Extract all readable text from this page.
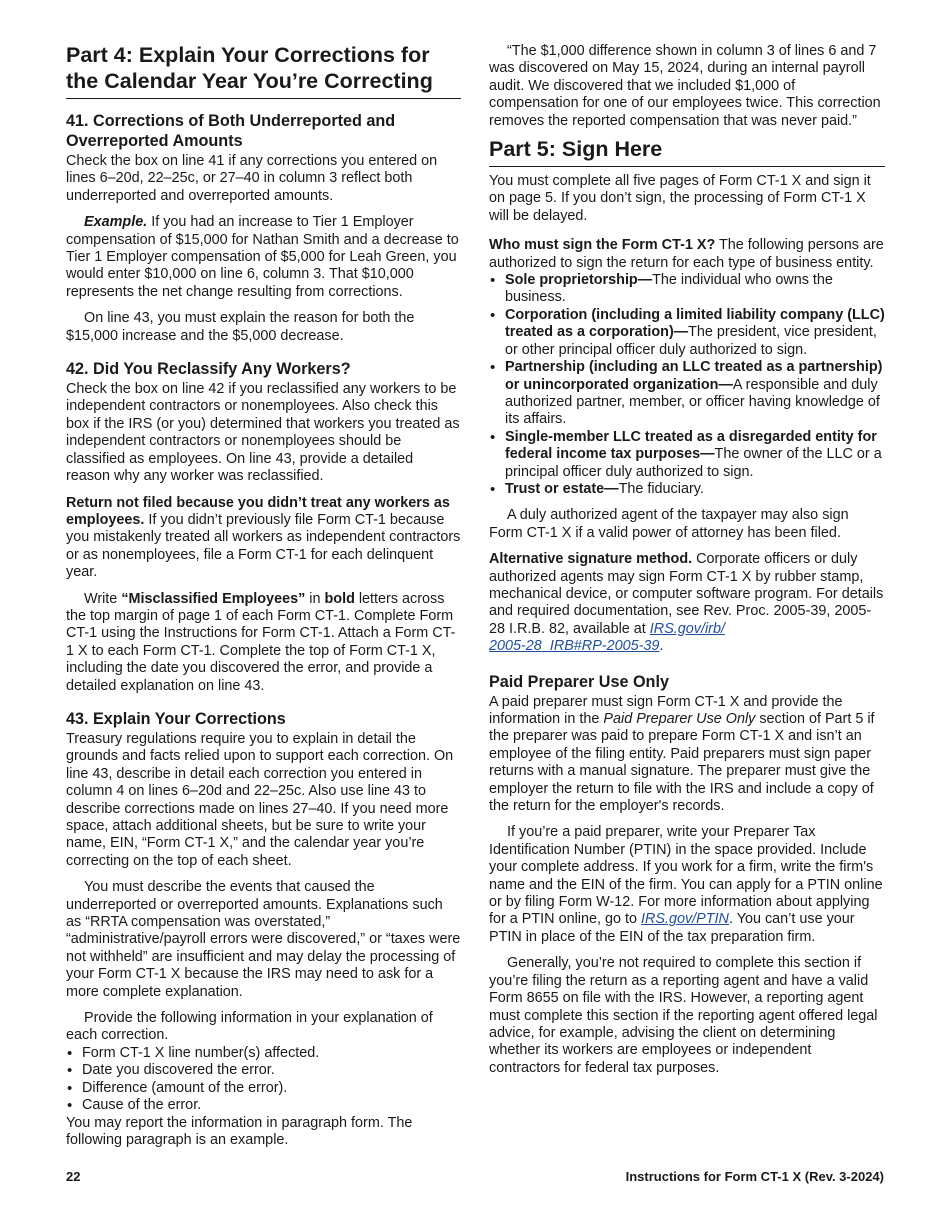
Part 4: Explain Your Corrections for
the Calendar Year You’re Correcting
41. Corrections of Both Underreported and
Overreported Amounts

Check the box on line 41 if any corrections you entered on lines 6–20d, 22–25c, or 27–40 in column 3 reflect both underreported and overreported amounts.

Example. If you had an increase to Tier 1 Employer compensation of $15,000 for Nathan Smith and a decrease to Tier 1 Employer compensation of $5,000 for Leah Green, you would enter $10,000 on line 6, column 3. That $10,000 represents the net change resulting from corrections.

On line 43, you must explain the reason for both the $15,000 increase and the $5,000 decrease.

42. Did You Reclassify Any Workers?

Check the box on line 42 if you reclassified any workers to be independent contractors or nonemployees. Also check this box if the IRS (or you) determined that workers you treated as independent contractors or nonemployees should be classified as employees. On line 43, provide a detailed reason why any worker was reclassified.

Return not filed because you didn’t treat any workers as employees. If you didn’t previously file Form CT-1 because you mistakenly treated all workers as independent contractors or as nonemployees, file a Form CT-1 for each delinquent year.

Write “Misclassified Employees” in bold letters across the top margin of page 1 of each Form CT-1. Complete Form CT-1 using the Instructions for Form CT-1. Attach a Form CT-1 X to each Form CT-1. Complete the top of Form CT-1 X, including the date you discovered the error, and provide a detailed explanation on line 43.

43. Explain Your Corrections

Treasury regulations require you to explain in detail the grounds and facts relied upon to support each correction. On line 43, describe in detail each correction you entered in column 4 on lines 6–20d and 22–25c. Also use line 43 to describe corrections made on lines 27–40. If you need more space, attach additional sheets, but be sure to write your name, EIN, “Form CT-1 X,” and the calendar year you’re correcting on the top of each sheet.

You must describe the events that caused the underreported or overreported amounts. Explanations such as “RRTA compensation was overstated,” “administrative/payroll errors were discovered,” or “taxes were not withheld” are insufficient and may delay the processing of your Form CT-1 X because the IRS may need to ask for a more complete explanation.

Provide the following information in your explanation of each correction.

• Form CT-1 X line number(s) affected.
• Date you discovered the error.
• Difference (amount of the error).
• Cause of the error.

You may report the information in paragraph form. The following paragraph is an example.

“The $1,000 difference shown in column 3 of lines 6 and 7 was discovered on May 15, 2024, during an internal payroll audit. We discovered that we included $1,000 of compensation for one of our employees twice. This correction removes the reported compensation that was never paid.”

Part 5: Sign Here

You must complete all five pages of Form CT-1 X and sign it on page 5. If you don’t sign, the processing of Form CT-1 X will be delayed.

Who must sign the Form CT-1 X? The following persons are authorized to sign the return for each type of business entity.

• Sole proprietorship—The individual who owns the business.
• Corporation (including a limited liability company (LLC) treated as a corporation)—The president, vice president, or other principal officer duly authorized to sign.
• Partnership (including an LLC treated as a partnership) or unincorporated organization—A responsible and duly authorized partner, member, or officer having knowledge of its affairs.
• Single-member LLC treated as a disregarded entity for federal income tax purposes—The owner of the LLC or a principal officer duly authorized to sign.
• Trust or estate—The fiduciary.

A duly authorized agent of the taxpayer may also sign Form CT-1 X if a valid power of attorney has been filed.

Alternative signature method. Corporate officers or duly authorized agents may sign Form CT-1 X by rubber stamp, mechanical device, or computer software program. For details and required documentation, see Rev. Proc. 2005-39, 2005-28 I.R.B. 82, available at IRS.gov/irb/
2005-28_IRB#RP-2005-39.

Paid Preparer Use Only

A paid preparer must sign Form CT-1 X and provide the information in the Paid Preparer Use Only section of Part 5 if the preparer was paid to prepare Form CT-1 X and isn’t an employee of the filing entity. Paid preparers must sign paper returns with a manual signature. The preparer must give the employer the return to file with the IRS and include a copy of the return for the employer's records.

If you’re a paid preparer, write your Preparer Tax Identification Number (PTIN) in the space provided. Include your complete address. If you work for a firm, write the firm's name and the EIN of the firm. You can apply for a PTIN online or by filing Form W-12. For more information about applying for a PTIN online, go to IRS.gov/PTIN. You can’t use your PTIN in place of the EIN of the tax preparation firm.

Generally, you’re not required to complete this section if you’re filing the return as a reporting agent and have a valid Form 8655 on file with the IRS. However, a reporting agent must complete this section if the reporting agent offered legal advice, for example, advising the client on determining whether its workers are employees or independent contractors for federal tax purposes.

22	Instructions for Form CT-1 X (Rev. 3-2024)
